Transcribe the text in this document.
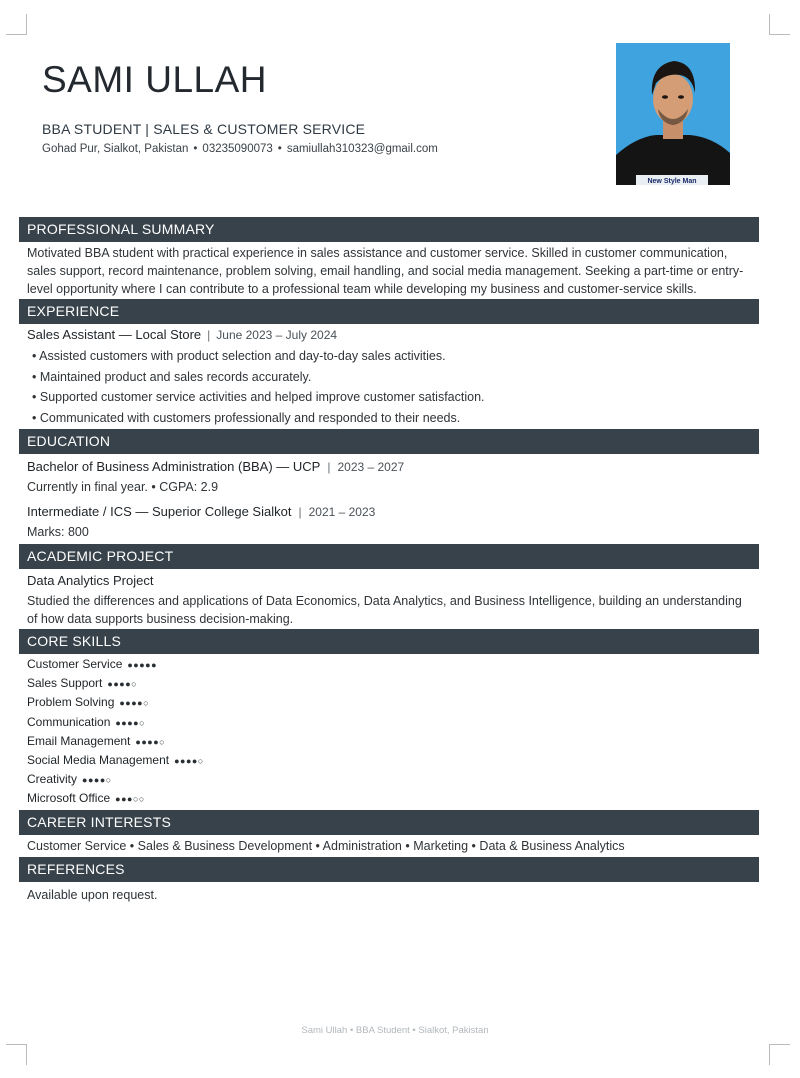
SAMI ULLAH
BBA STUDENT | SALES & CUSTOMER SERVICE
Gohad Pur, Sialkot, Pakistan • 03235090073 • samiullah310323@gmail.com
New Style Man
PROFESSIONAL SUMMARY
Motivated BBA student with practical experience in sales assistance and customer service. Skilled in customer communication, sales support, record maintenance, problem solving, email handling, and social media management. Seeking a part-time or entry-level opportunity where I can contribute to a professional team while developing my business and customer-service skills.
EXPERIENCE
Sales Assistant — Local Store | June 2023 – July 2024
• Assisted customers with product selection and day-to-day sales activities.
• Maintained product and sales records accurately.
• Supported customer service activities and helped improve customer satisfaction.
• Communicated with customers professionally and responded to their needs.
EDUCATION
Bachelor of Business Administration (BBA) — UCP | 2023 – 2027
Currently in final year. • CGPA: 2.9
Intermediate / ICS — Superior College Sialkot | 2021 – 2023
Marks: 800
ACADEMIC PROJECT
Data Analytics Project
Studied the differences and applications of Data Economics, Data Analytics, and Business Intelligence, building an understanding of how data supports business decision-making.
CORE SKILLS
Customer Service ●●●●●
Sales Support ●●●●○
Problem Solving ●●●●○
Communication ●●●●○
Email Management ●●●●○
Social Media Management ●●●●○
Creativity ●●●●○
Microsoft Office ●●●○○
CAREER INTERESTS
Customer Service • Sales & Business Development • Administration • Marketing • Data & Business Analytics
REFERENCES
Available upon request.
Sami Ullah • BBA Student • Sialkot, Pakistan
